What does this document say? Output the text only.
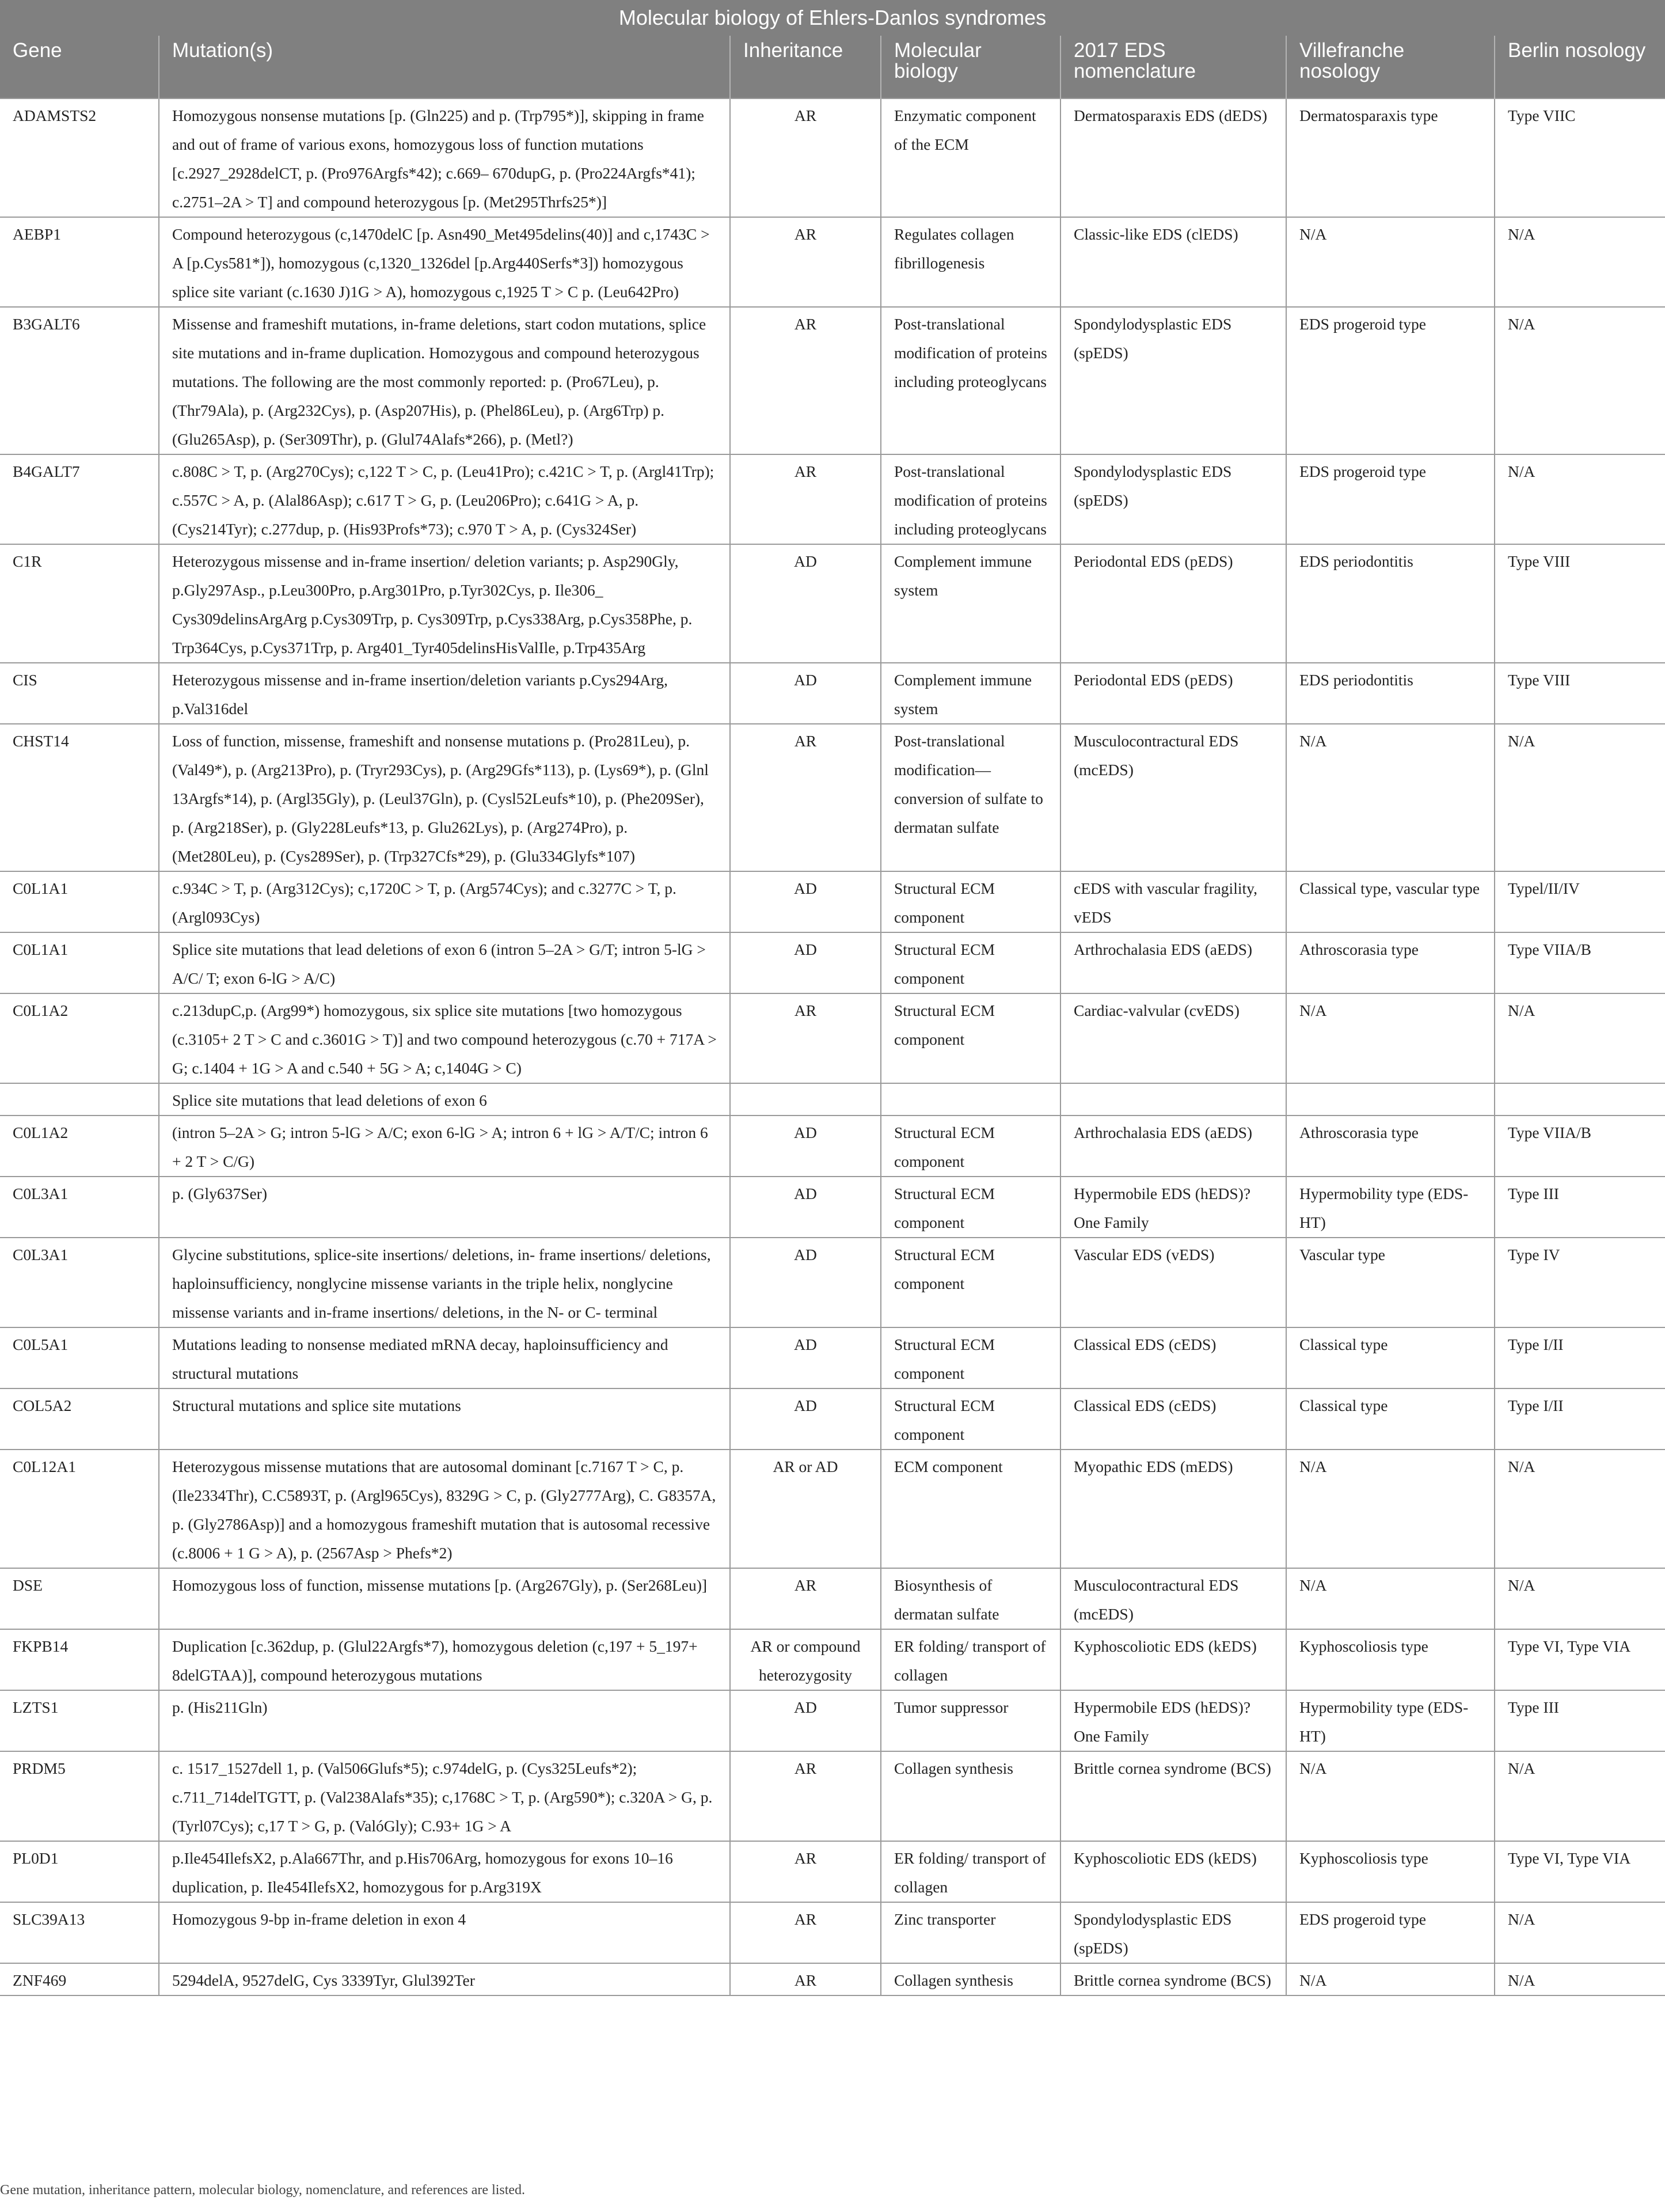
Molecular biology of Ehlers-Danlos syndromes
Gene	Mutation(s)	Inheritance	Molecular biology	2017 EDS nomenclature	Villefranche nosology	Berlin nosology
ADAMSTS2	Homozygous nonsense mutations [p. (Gln225) and p. (Trp795*)], skipping in frame and out of frame of various exons, homozygous loss of function mutations [c.2927_2928delCT, p. (Pro976Argfs*42); c.669– 670dupG, p. (Pro224Argfs*41); c.2751–2A > T] and compound heterozygous [p. (Met295Thrfs25*)]	AR	Enzymatic component of the ECM	Dermatosparaxis EDS (dEDS)	Dermatosparaxis type	Type VIIC
AEBP1	Compound heterozygous (c,1470delC [p. Asn490_Met495delins(40)] and c,1743C > A [p.Cys581*]), homozygous (c,1320_1326del [p.Arg440Serfs*3]) homozygous splice site variant (c.1630 J)1G > A), homozygous c,1925 T > C p. (Leu642Pro)	AR	Regulates collagen fibrillogenesis	Classic-like EDS (clEDS)	N/A	N/A
B3GALT6	Missense and frameshift mutations, in-frame deletions, start codon mutations, splice site mutations and in-frame duplication. Homozygous and compound heterozygous mutations. The following are the most commonly reported: p. (Pro67Leu), p. (Thr79Ala), p. (Arg232Cys), p. (Asp207His), p. (Phel86Leu), p. (Arg6Trp) p. (Glu265Asp), p. (Ser309Thr), p. (Glul74Alafs*266), p. (Metl?)	AR	Post-translational modification of proteins including proteoglycans	Spondylodysplastic EDS (spEDS)	EDS progeroid type	N/A
B4GALT7	c.808C > T, p. (Arg270Cys); c,122 T > C, p. (Leu41Pro); c.421C > T, p. (Argl41Trp); c.557C > A, p. (Alal86Asp); c.617 T > G, p. (Leu206Pro); c.641G > A, p. (Cys214Tyr); c.277dup, p. (His93Profs*73); c.970 T > A, p. (Cys324Ser)	AR	Post-translational modification of proteins including proteoglycans	Spondylodysplastic EDS (spEDS)	EDS progeroid type	N/A
C1R	Heterozygous missense and in-frame insertion/ deletion variants; p. Asp290Gly, p.Gly297Asp., p.Leu300Pro, p.Arg301Pro, p.Tyr302Cys, p. Ile306_ Cys309delinsArgArg p.Cys309Trp, p. Cys309Trp, p.Cys338Arg, p.Cys358Phe, p. Trp364Cys, p.Cys371Trp, p. Arg401_Tyr405delinsHisValIle, p.Trp435Arg	AD	Complement immune system	Periodontal EDS (pEDS)	EDS periodontitis	Type VIII
CIS	Heterozygous missense and in-frame insertion/deletion variants p.Cys294Arg, p.Val316del	AD	Complement immune system	Periodontal EDS (pEDS)	EDS periodontitis	Type VIII
CHST14	Loss of function, missense, frameshift and nonsense mutations p. (Pro281Leu), p. (Val49*), p. (Arg213Pro), p. (Tryr293Cys), p. (Arg29Gfs*113), p. (Lys69*), p. (Glnl 13Argfs*14), p. (Argl35Gly), p. (Leul37Gln), p. (Cysl52Leufs*10), p. (Phe209Ser), p. (Arg218Ser), p. (Gly228Leufs*13, p. Glu262Lys), p. (Arg274Pro), p. (Met280Leu), p. (Cys289Ser), p. (Trp327Cfs*29), p. (Glu334Glyfs*107)	AR	Post-translational modification—conversion of sulfate to dermatan sulfate	Musculocontractural EDS (mcEDS)	N/A	N/A
C0L1A1	c.934C > T, p. (Arg312Cys); c,1720C > T, p. (Arg574Cys); and c.3277C > T, p. (Argl093Cys)	AD	Structural ECM component	cEDS with vascular fragility, vEDS	Classical type, vascular type	Typel/II/IV
C0L1A1	Splice site mutations that lead deletions of exon 6 (intron 5–2A > G/T; intron 5-lG > A/C/ T; exon 6-lG > A/C)	AD	Structural ECM component	Arthrochalasia EDS (aEDS)	Athroscorasia type	Type VIIA/B
C0L1A2	c.213dupC,p. (Arg99*) homozygous, six splice site mutations [two homozygous (c.3105+ 2 T > C and c.3601G > T)] and two compound heterozygous (c.70 + 717A > G; c.1404 + 1G > A and c.540 + 5G > A; c,1404G > C)	AR	Structural ECM component	Cardiac-valvular (cvEDS)	N/A	N/A
	Splice site mutations that lead deletions of exon 6					
C0L1A2	(intron 5–2A > G; intron 5-lG > A/C; exon 6-lG > A; intron 6 + lG > A/T/C; intron 6 + 2 T > C/G)	AD	Structural ECM component	Arthrochalasia EDS (aEDS)	Athroscorasia type	Type VIIA/B
C0L3A1	p. (Gly637Ser)	AD	Structural ECM component	Hypermobile EDS (hEDS)? One Family	Hypermobility type (EDS-HT)	Type III
C0L3A1	Glycine substitutions, splice-site insertions/ deletions, in- frame insertions/ deletions, haploinsufficiency, nonglycine missense variants in the triple helix, nonglycine missense variants and in-frame insertions/ deletions, in the N- or C- terminal	AD	Structural ECM component	Vascular EDS (vEDS)	Vascular type	Type IV
C0L5A1	Mutations leading to nonsense mediated mRNA decay, haploinsufficiency and structural mutations	AD	Structural ECM component	Classical EDS (cEDS)	Classical type	Type I/II
COL5A2	Structural mutations and splice site mutations	AD	Structural ECM component	Classical EDS (cEDS)	Classical type	Type I/II
C0L12A1	Heterozygous missense mutations that are autosomal dominant [c.7167 T > C, p. (Ile2334Thr), C.C5893T, p. (Argl965Cys), 8329G > C, p. (Gly2777Arg), C. G8357A, p. (Gly2786Asp)] and a homozygous frameshift mutation that is autosomal recessive (c.8006 + 1 G > A), p. (2567Asp > Phefs*2)	AR or AD	ECM component	Myopathic EDS (mEDS)	N/A	N/A
DSE	Homozygous loss of function, missense mutations [p. (Arg267Gly), p. (Ser268Leu)]	AR	Biosynthesis of dermatan sulfate	Musculocontractural EDS (mcEDS)	N/A	N/A
FKPB14	Duplication [c.362dup, p. (Glul22Argfs*7), homozygous deletion (c,197 + 5_197+ 8delGTAA)], compound heterozygous mutations	AR or compound heterozygosity	ER folding/ transport of collagen	Kyphoscoliotic EDS (kEDS)	Kyphoscoliosis type	Type VI, Type VIA
LZTS1	p. (His211Gln)	AD	Tumor suppressor	Hypermobile EDS (hEDS)? One Family	Hypermobility type (EDS-HT)	Type III
PRDM5	c. 1517_1527dell 1, p. (Val506Glufs*5); c.974delG, p. (Cys325Leufs*2); c.711_714delTGTT, p. (Val238Alafs*35); c,1768C > T, p. (Arg590*); c.320A > G, p. (Tyrl07Cys); c,17 T > G, p. (ValóGly); C.93+ 1G > A	AR	Collagen synthesis	Brittle cornea syndrome (BCS)	N/A	N/A
PL0D1	p.Ile454IlefsX2, p.Ala667Thr, and p.His706Arg, homozygous for exons 10–16 duplication, p. Ile454IlefsX2, homozygous for p.Arg319X	AR	ER folding/ transport of collagen	Kyphoscoliotic EDS (kEDS)	Kyphoscoliosis type	Type VI, Type VIA
SLC39A13	Homozygous 9-bp in-frame deletion in exon 4	AR	Zinc transporter	Spondylodysplastic EDS (spEDS)	EDS progeroid type	N/A
ZNF469	5294delA, 9527delG, Cys 3339Tyr, Glul392Ter	AR	Collagen synthesis	Brittle cornea syndrome (BCS)	N/A	N/A
Gene mutation, inheritance pattern, molecular biology, nomenclature, and references are listed.
